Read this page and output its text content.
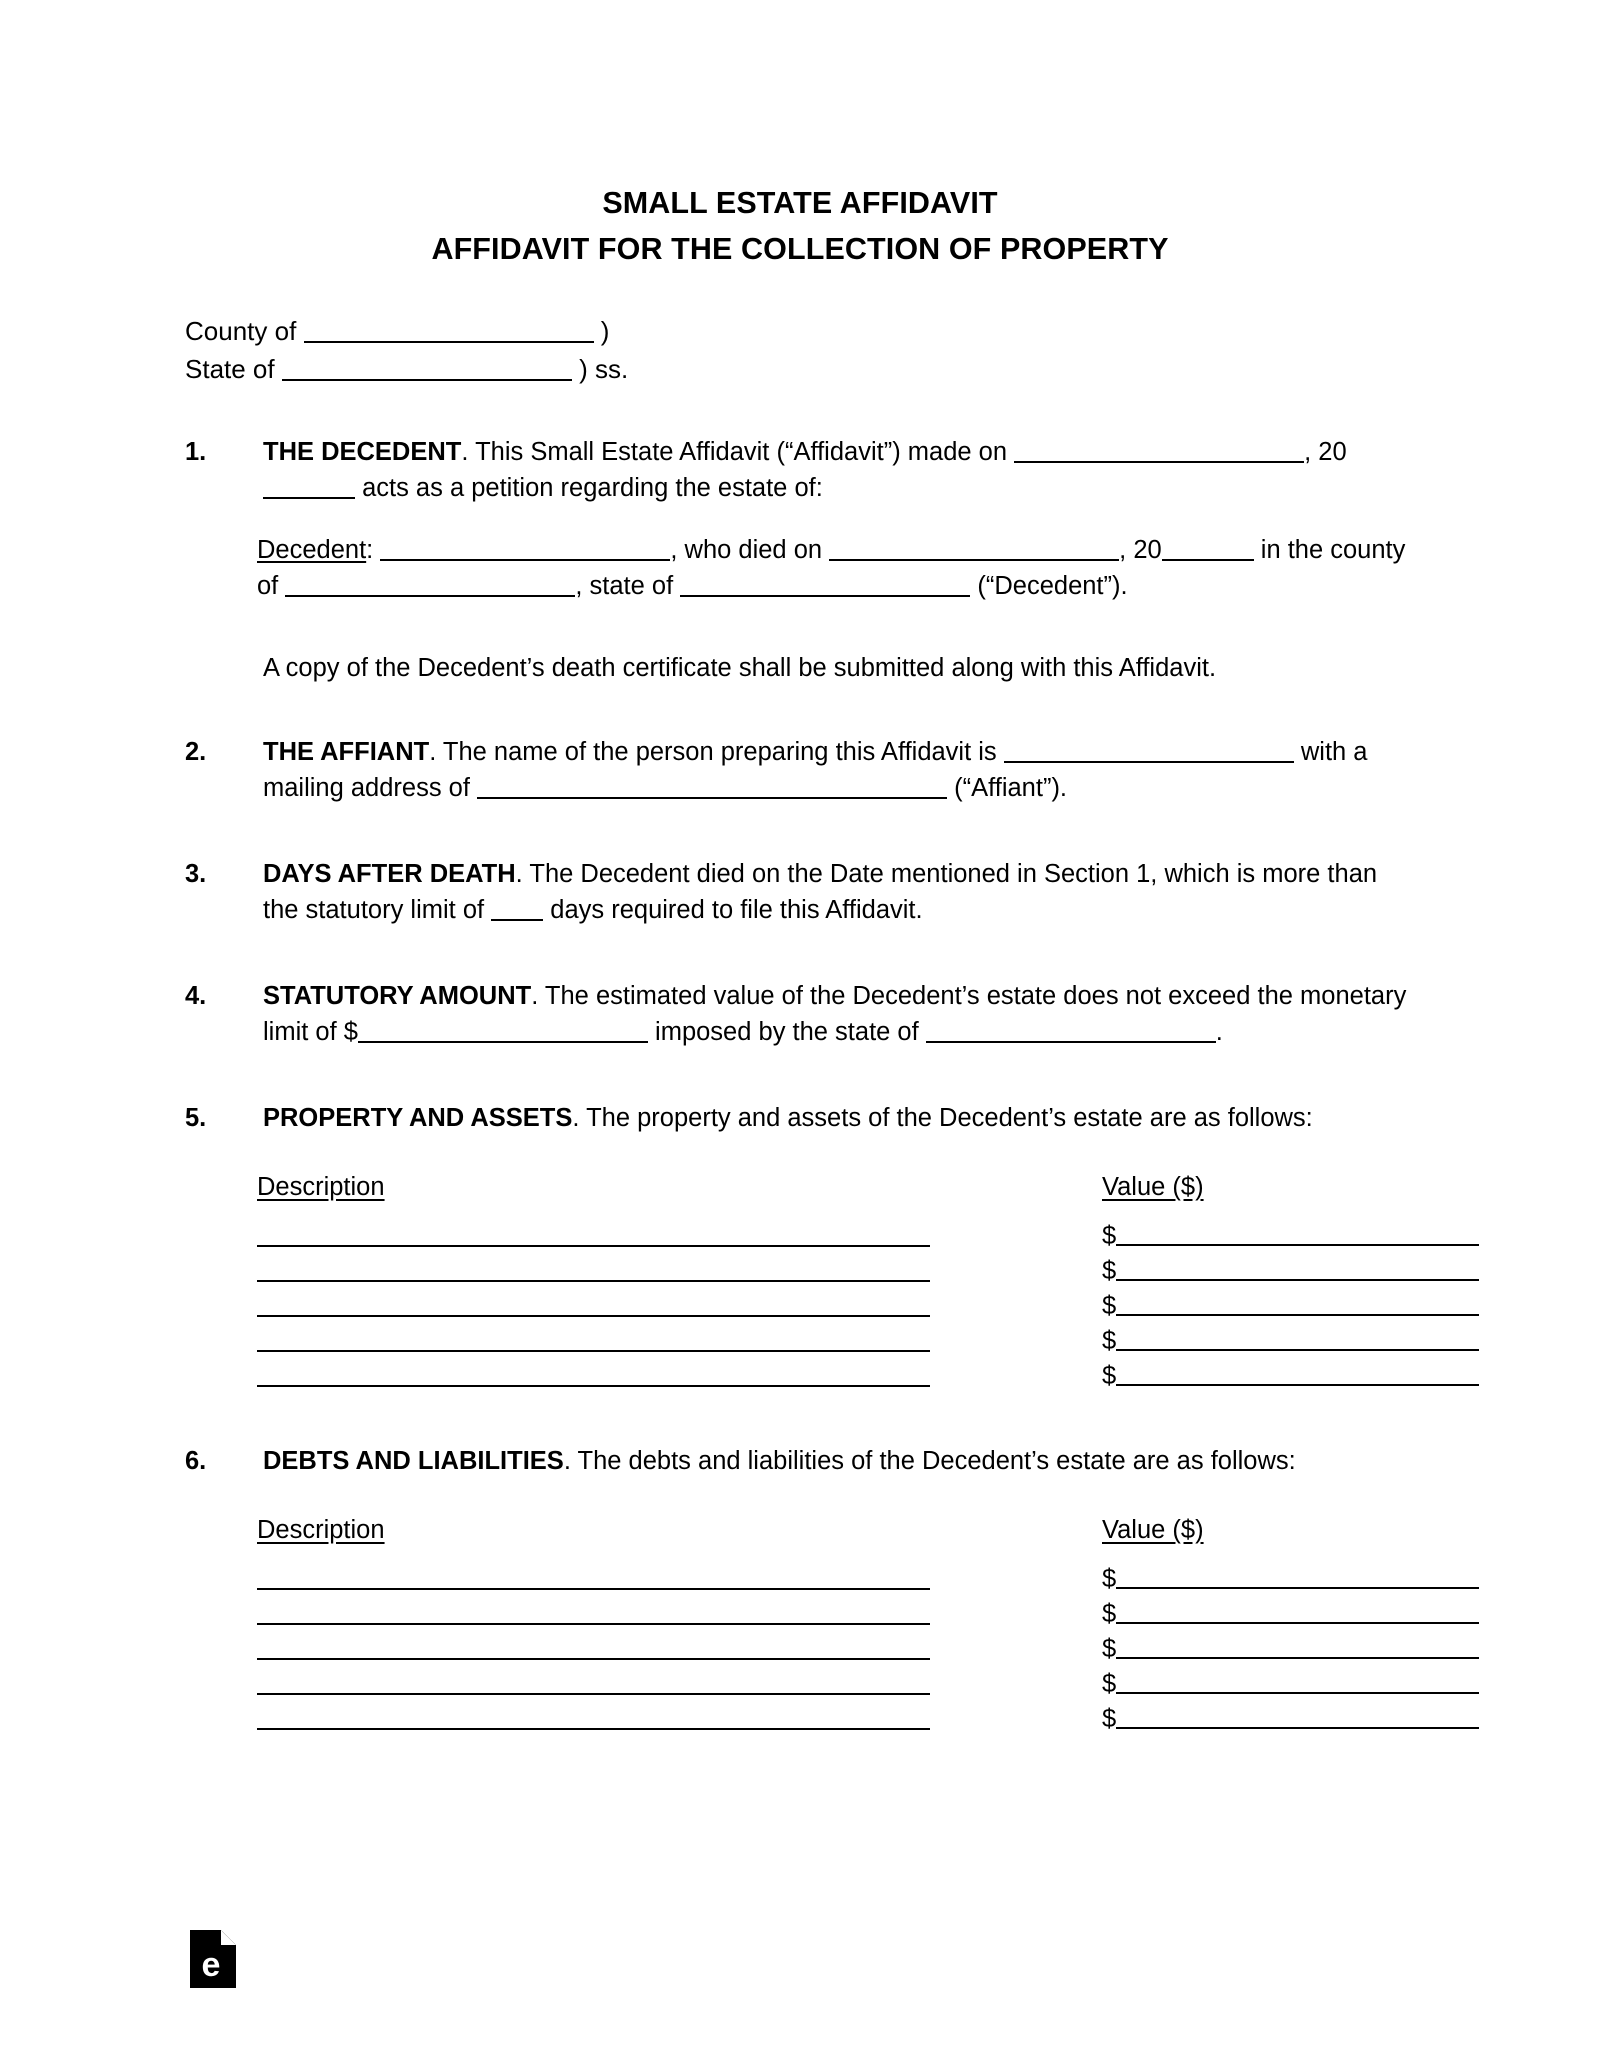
SMALL ESTATE AFFIDAVIT
AFFIDAVIT FOR THE COLLECTION OF PROPERTY
County of	)
State of	) ss.
1. THE DECEDENT. This Small Estate Affidavit (“Affidavit”) made on	, 20 acts as a petition regarding the estate of:
Decedent:	, who died on	, 20	in the county of	, state of	(“Decedent”).
A copy of the Decedent’s death certificate shall be submitted along with this Affidavit.
2. THE AFFIANT. The name of the person preparing this Affidavit is	with a mailing address of	(“Affiant”).
3. DAYS AFTER DEATH. The Decedent died on the Date mentioned in Section 1, which is more than the statutory limit of  days required to file this Affidavit.
4. STATUTORY AMOUNT. The estimated value of the Decedent’s estate does not exceed the monetary limit of $	imposed by the state of	.
5. PROPERTY AND ASSETS. The property and assets of the Decedent’s estate are as follows:
Description	Value ($)
$
$
$
$
$
6. DEBTS AND LIABILITIES. The debts and liabilities of the Decedent’s estate are as follows:
Description	Value ($)
$
$
$
$
$
e
